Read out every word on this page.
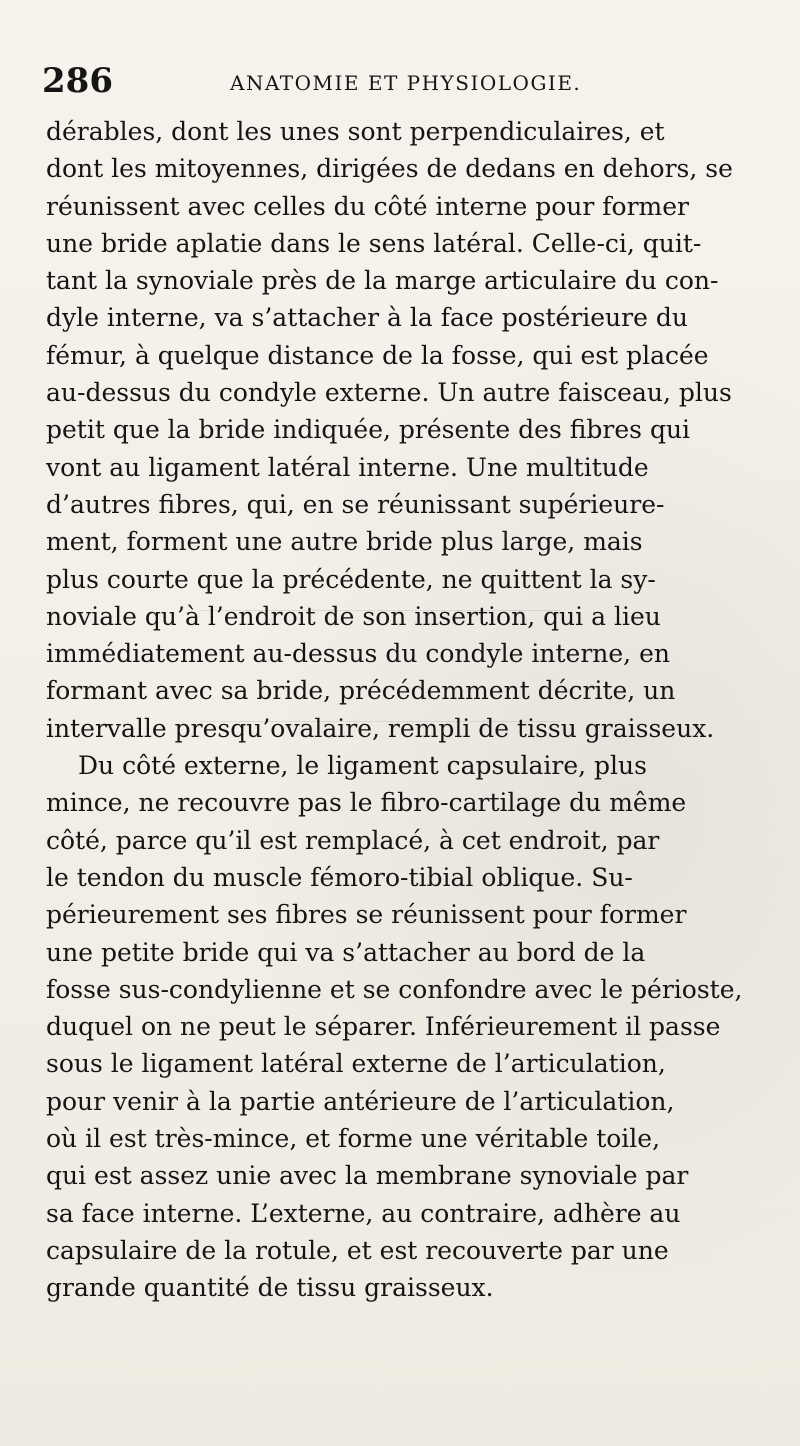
286	ANATOMIE ET PHYSIOLOGIE.
dérables, dont les unes sont perpendiculaires, et
dont les mitoyennes, dirigées de dedans en dehors, se
réunissent avec celles du côté interne pour former
une bride aplatie dans le sens latéral. Celle-ci, quit-
tant la synoviale près de la marge articulaire du con-
dyle interne, va s’attacher à la face postérieure du
fémur, à quelque distance de la fosse, qui est placée
au-dessus du condyle externe. Un autre faisceau, plus
petit que la bride indiquée, présente des fibres qui
vont au ligament latéral interne. Une multitude
d’autres fibres, qui, en se réunissant supérieure-
ment, forment une autre bride plus large, mais
plus courte que la précédente, ne quittent la sy-
noviale qu’à l’endroit de son insertion, qui a lieu
immédiatement au-dessus du condyle interne, en
formant avec sa bride, précédemment décrite, un
intervalle presqu’ovalaire, rempli de tissu graisseux.
Du côté externe, le ligament capsulaire, plus
mince, ne recouvre pas le fibro-cartilage du même
côté, parce qu’il est remplacé, à cet endroit, par
le tendon du muscle fémoro-tibial oblique. Su-
périeurement ses fibres se réunissent pour former
une petite bride qui va s’attacher au bord de la
fosse sus-condylienne et se confondre avec le périoste,
duquel on ne peut le séparer. Inférieurement il passe
sous le ligament latéral externe de l’articulation,
pour venir à la partie antérieure de l’articulation,
où il est très-mince, et forme une véritable toile,
qui est assez unie avec la membrane synoviale par
sa face interne. L’externe, au contraire, adhère au
capsulaire de la rotule, et est recouverte par une
grande quantité de tissu graisseux.
